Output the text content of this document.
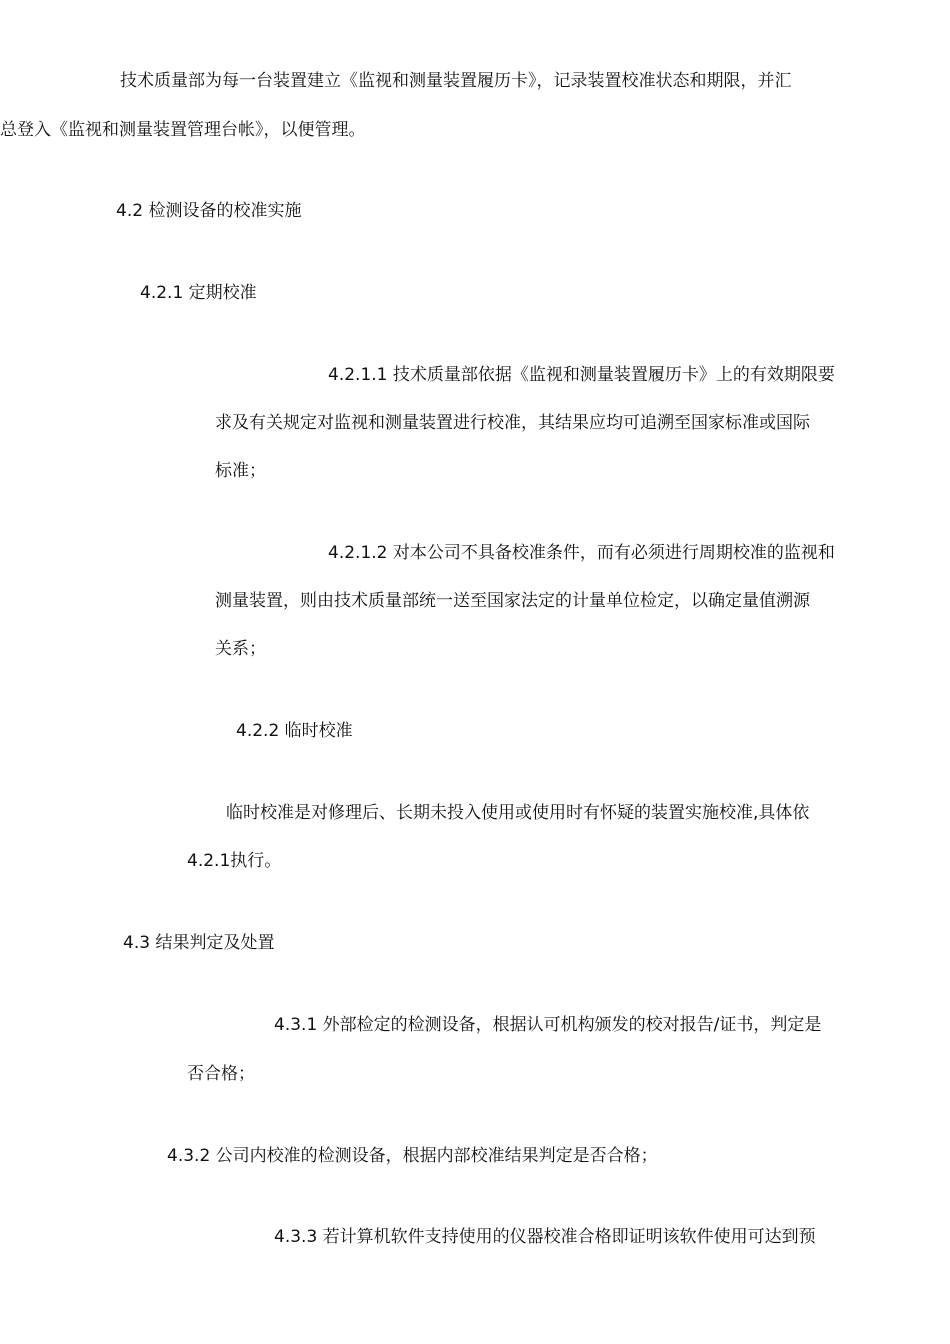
技术质量部为每一台装置建立《监视和测量装置履历卡》，记录装置校准状态和期限，并汇

总登入《监视和测量装置管理台帐》，以便管理。

4.2 检测设备的校准实施
4.2.1 定期校准

4.2.1.1 技术质量部依据《监视和测量装置履历卡》上的有效期限要

求及有关规定对监视和测量装置进行校准，其结果应均可追溯至国家标准或国际

标准；

4.2.1.2 对本公司不具备校准条件，而有必须进行周期校准的监视和

测量装置，则由技术质量部统一送至国家法定的计量单位检定，以确定量值溯源

关系；

4.2.2 临时校准

临时校准是对修理后、长期未投入使用或使用时有怀疑的装置实施校准,具体依

4.2.1执行。

4.3 结果判定及处置

4.3.1 外部检定的检测设备，根据认可机构颁发的校对报告/证书，判定是

否合格；

4.3.2 公司内校准的检测设备，根据内部校准结果判定是否合格；

4.3.3 若计算机软件支持使用的仪器校准合格即证明该软件使用可达到预
